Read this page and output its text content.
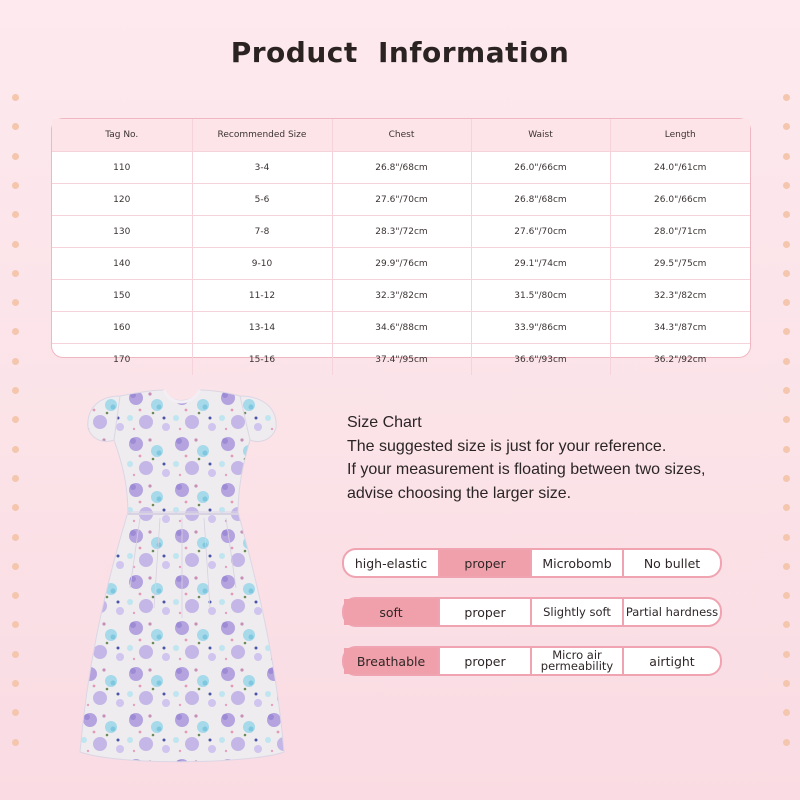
Product Information
Tag No.	Recommended Size	Chest	Waist	Length
110	3-4	26.8"/68cm	26.0"/66cm	24.0"/61cm
120	5-6	27.6"/70cm	26.8"/68cm	26.0"/66cm
130	7-8	28.3"/72cm	27.6"/70cm	28.0"/71cm
140	9-10	29.9"/76cm	29.1"/74cm	29.5"/75cm
150	11-12	32.3"/82cm	31.5"/80cm	32.3"/82cm
160	13-14	34.6"/88cm	33.9"/86cm	34.3"/87cm
170	15-16	37.4"/95cm	36.6"/93cm	36.2"/92cm
Size Chart
The suggested size is just for your reference.
If your measurement is floating between two sizes,
advise choosing the larger size.
high-elastic	proper	Microbomb	No bullet
soft	proper	Slightly soft	Partial hardness
Breathable	proper	Micro air permeability	airtight
